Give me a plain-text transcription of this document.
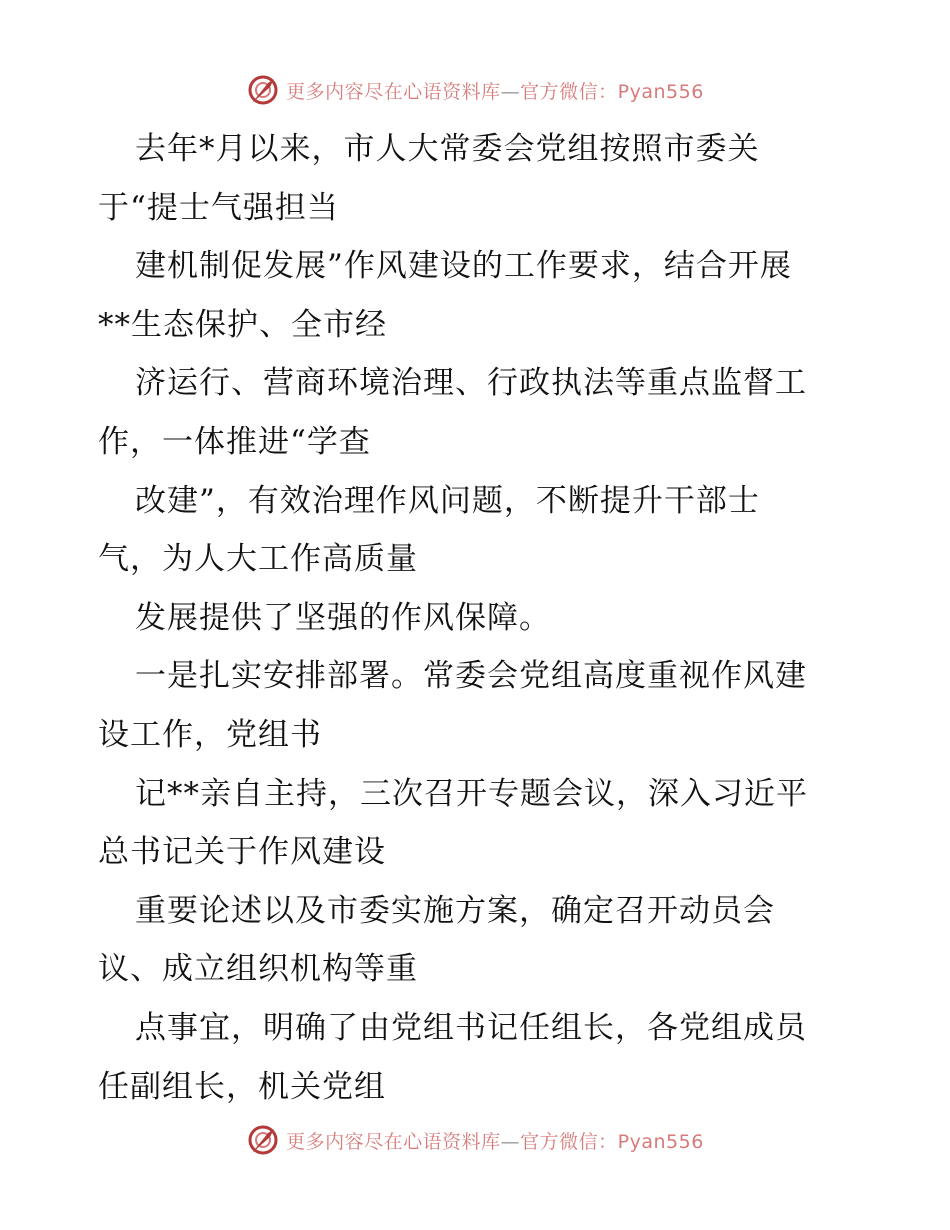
更多内容尽在心语资料库—官方微信：Pyan556
去年*月以来，市人大常委会党组按照市委关
于“提士气强担当
建机制促发展”作风建设的工作要求，结合开展
**生态保护、全市经
济运行、营商环境治理、行政执法等重点监督工
作，一体推进“学查
改建”，有效治理作风问题，不断提升干部士
气，为人大工作高质量
发展提供了坚强的作风保障。
一是扎实安排部署。常委会党组高度重视作风建
设工作，党组书
记**亲自主持，三次召开专题会议，深入习近平
总书记关于作风建设
重要论述以及市委实施方案，确定召开动员会
议、成立组织机构等重
点事宜，明确了由党组书记任组长，各党组成员
任副组长，机关党组
更多内容尽在心语资料库—官方微信：Pyan556
